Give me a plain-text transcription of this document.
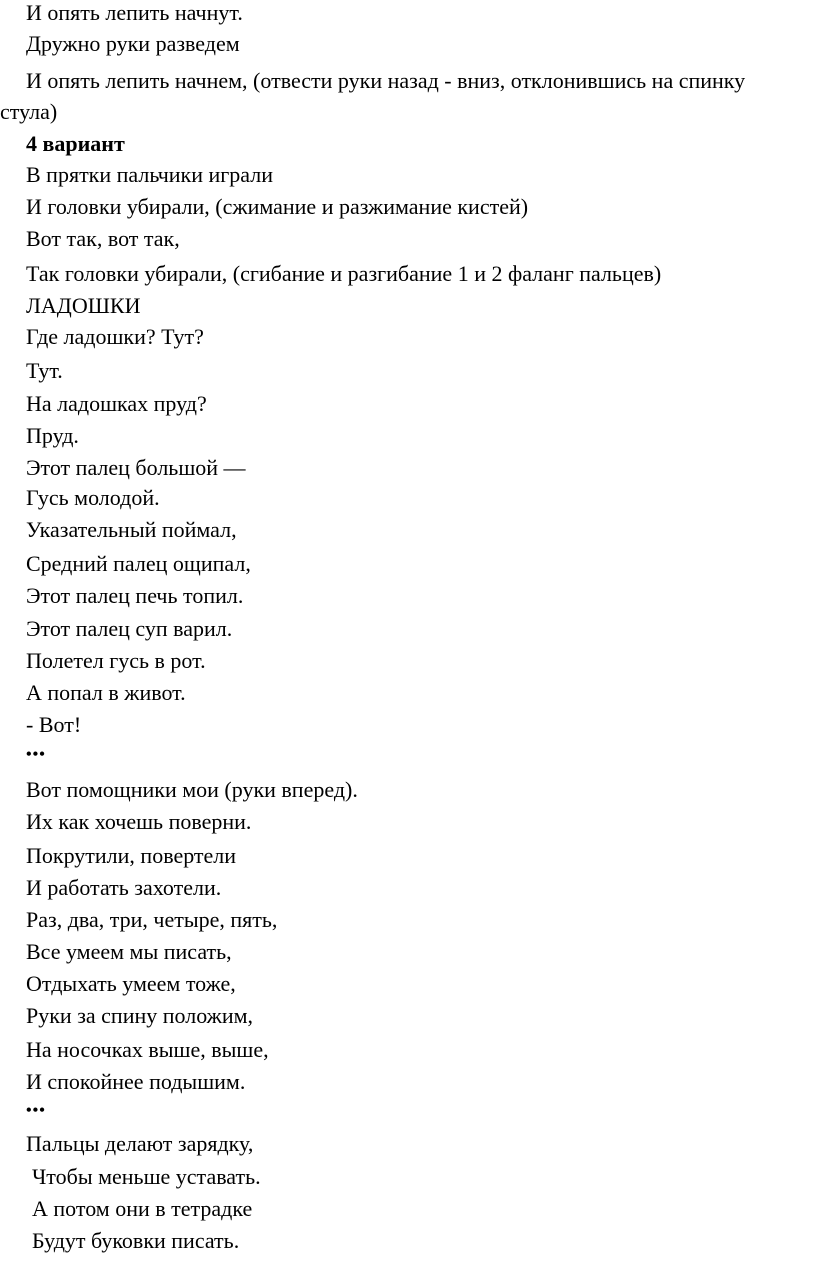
И опять лепить начнут.

Дружно руки разведем

И опять лепить начнем, (отвести руки назад - вниз, отклонившись на спинку

стула)

4 вариант

В прятки пальчики играли

И головки убирали, (сжимание и разжимание кистей)

Вот так, вот так,

Так головки убирали, (сгибание и разгибание 1 и 2 фаланг пальцев)

ЛАДОШКИ

Где ладошки? Тут?

Тут.

На ладошках пруд?

Пруд.

Этот палец большой —

Гусь молодой.

Указательный поймал,

Средний палец ощипал,

Этот палец печь топил.

Этот палец суп варил.

Полетел гусь в рот.

А попал в живот.

- Вот!

•••

Вот помощники мои (руки вперед).

Их как хочешь поверни.

Покрутили, повертели

И работать захотели.

Раз, два, три, четыре, пять,

Все умеем мы писать,

Отдыхать умеем тоже,

Руки за спину положим,

На носочках выше, выше,

И спокойнее подышим.

•••

Пальцы делают зарядку,

Чтобы меньше уставать.

А потом они в тетрадке

Будут буковки писать.
